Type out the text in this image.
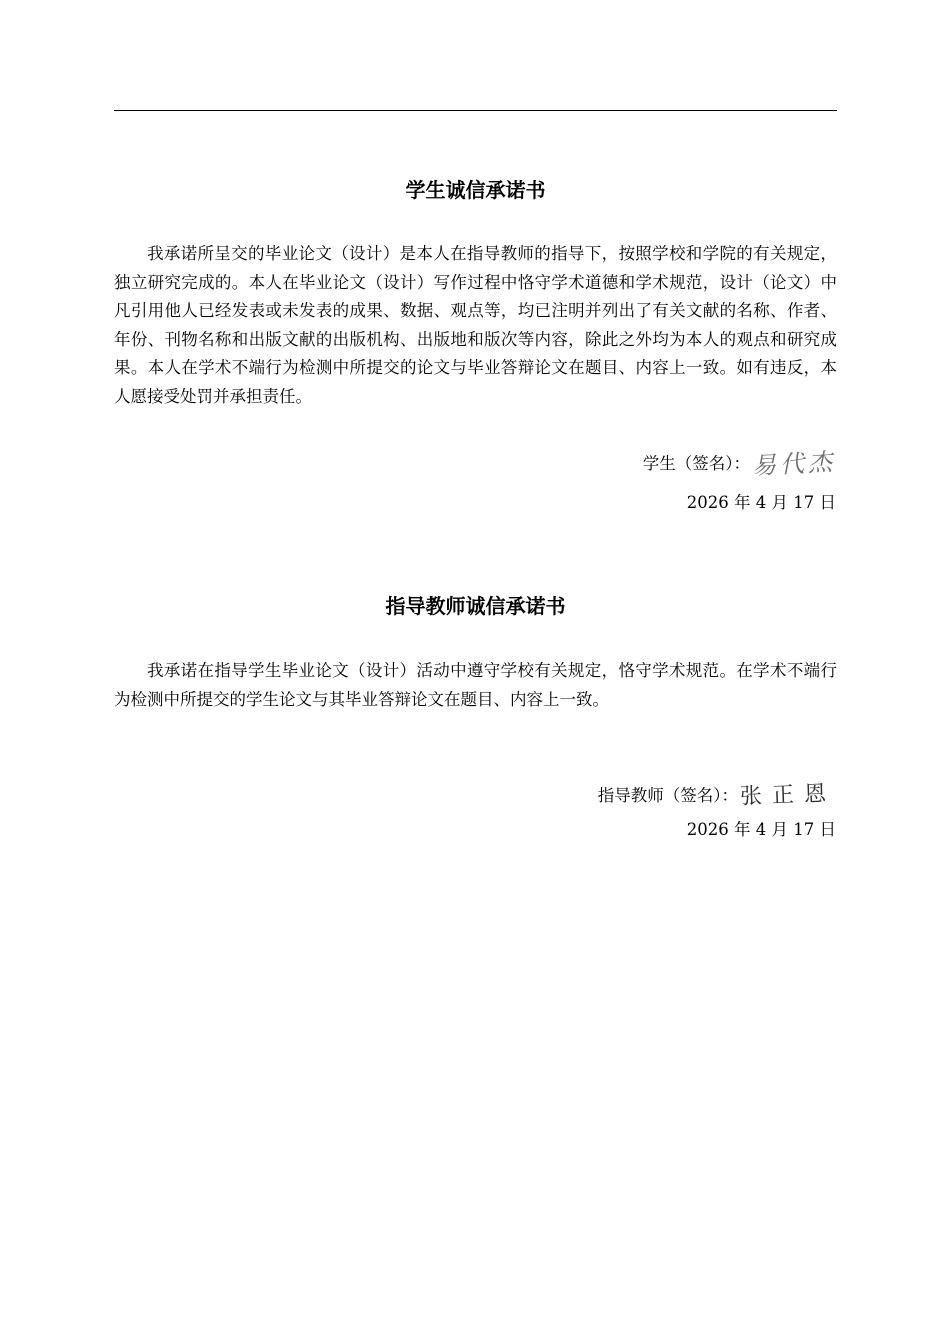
学生诚信承诺书

我承诺所呈交的毕业论文（设计）是本人在指导教师的指导下，按照学校和学院的有关规定，独立研究完成的。本人在毕业论文（设计）写作过程中恪守学术道德和学术规范，设计（论文）中凡引用他人已经发表或未发表的成果、数据、观点等，均已注明并列出了有关文献的名称、作者、年份、刊物名称和出版文献的出版机构、出版地和版次等内容，除此之外均为本人的观点和研究成果。本人在学术不端行为检测中所提交的论文与毕业答辩论文在题目、内容上一致。如有违反，本人愿接受处罚并承担责任。

学生（签名）：易代杰
2026 年 4 月 17 日
指导教师诚信承诺书

我承诺在指导学生毕业论文（设计）活动中遵守学校有关规定，恪守学术规范。在学术不端行为检测中所提交的学生论文与其毕业答辩论文在题目、内容上一致。

指导教师（签名）：张正恩
2026 年 4 月 17 日
